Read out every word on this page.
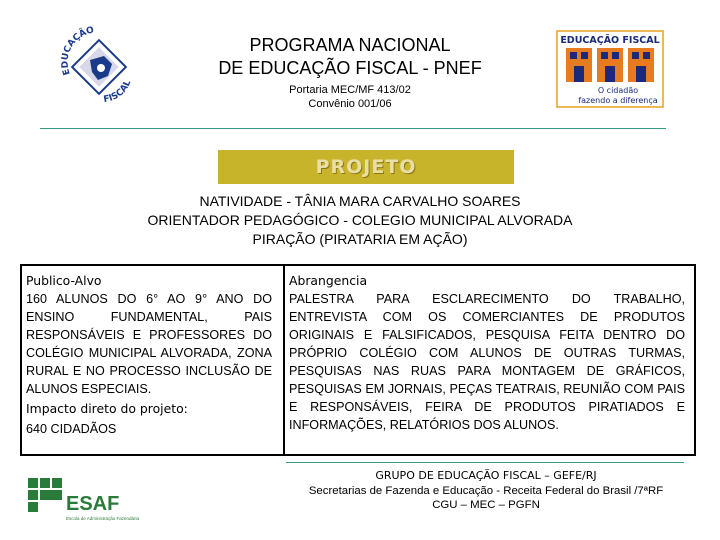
PROGRAMA NACIONAL
DE EDUCAÇÃO FISCAL - PNEF
Portaria MEC/MF 413/02
Convênio 001/06
EDUCAÇÃO
FISCAL
EDUCAÇÃO FISCAL
O cidadão
fazendo a diferença
PROJETO
NATIVIDADE - TÂNIA MARA CARVALHO SOARES
ORIENTADOR PEDAGÓGICO - COLEGIO MUNICIPAL ALVORADA
PIRAÇÃO (PIRATARIA EM AÇÃO)
Publico-Alvo
160 ALUNOS DO 6° AO 9° ANO DO ENSINO FUNDAMENTAL, PAIS RESPONSÁVEIS E PROFESSORES DO COLÉGIO MUNICIPAL ALVORADA, ZONA RURAL E NO PROCESSO INCLUSÃO DE ALUNOS ESPECIAIS.
Impacto direto do projeto:
640 CIDADÃOS
Abrangencia
PALESTRA PARA ESCLARECIMENTO DO TRABALHO, ENTREVISTA COM OS COMERCIANTES DE PRODUTOS ORIGINAIS E FALSIFICADOS, PESQUISA FEITA DENTRO DO PRÓPRIO COLÉGIO COM ALUNOS DE OUTRAS TURMAS, PESQUISAS NAS RUAS PARA MONTAGEM DE GRÁFICOS, PESQUISAS EM JORNAIS, PEÇAS TEATRAIS, REUNIÃO COM PAIS E RESPONSÁVEIS, FEIRA DE PRODUTOS PIRATIADOS E INFORMAÇÕES, RELATÓRIOS DOS ALUNOS.
GRUPO DE EDUCAÇÃO FISCAL – GEFE/RJ
Secretarias de Fazenda e Educação - Receita Federal do Brasil /7ªRF
CGU – MEC – PGFN
ESAF
Escola de Administração Fazendária
